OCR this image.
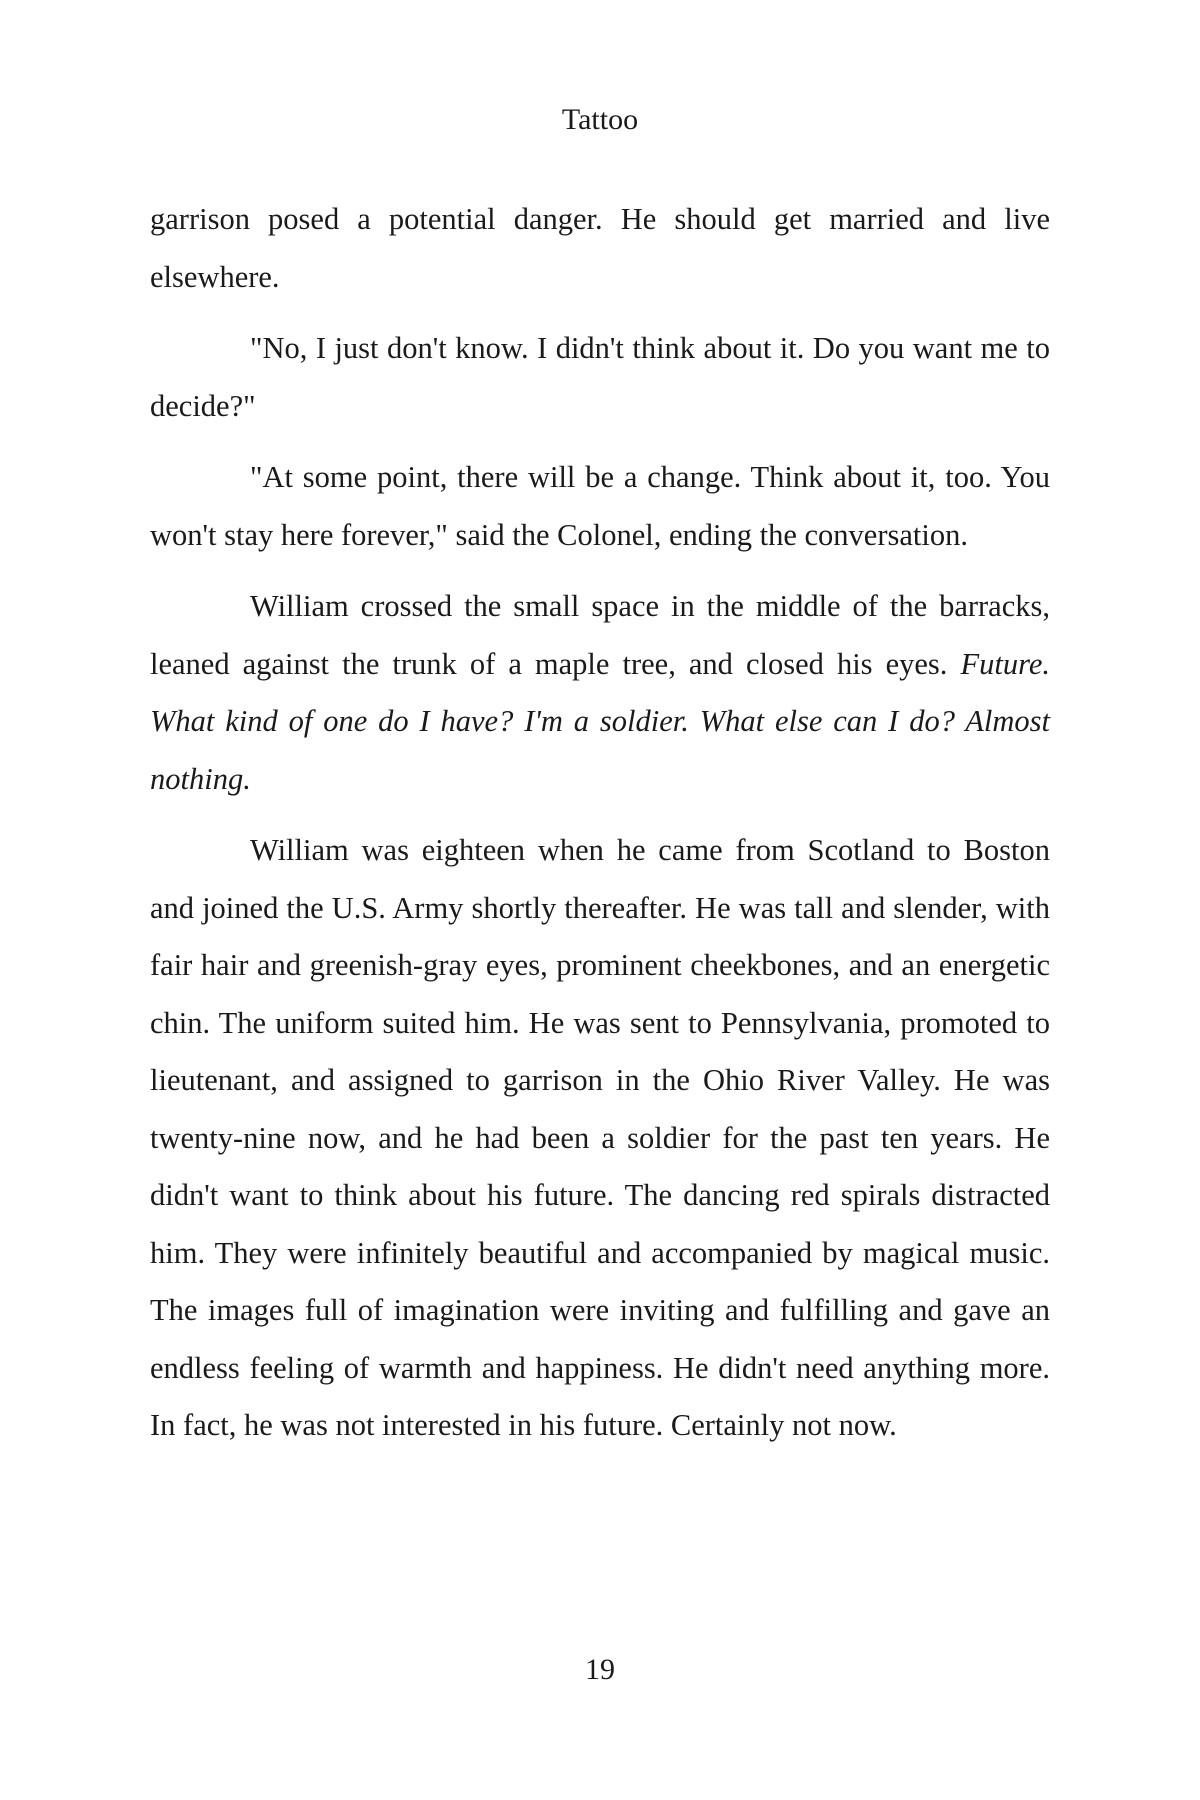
Tattoo

garrison posed a potential danger. He should get married and live elsewhere.

"No, I just don't know. I didn't think about it. Do you want me to decide?"

"At some point, there will be a change. Think about it, too. You won't stay here forever," said the Colonel, ending the conversation.

William crossed the small space in the middle of the barracks, leaned against the trunk of a maple tree, and closed his eyes. Future. What kind of one do I have? I'm a soldier. What else can I do? Almost nothing.

William was eighteen when he came from Scotland to Boston and joined the U.S. Army shortly thereafter. He was tall and slender, with fair hair and greenish-gray eyes, prominent cheekbones, and an energetic chin. The uniform suited him. He was sent to Pennsylvania, promoted to lieutenant, and assigned to garrison in the Ohio River Valley. He was twenty-nine now, and he had been a soldier for the past ten years. He didn't want to think about his future. The dancing red spirals distracted him. They were infinitely beautiful and accompanied by magical music. The images full of imagination were inviting and fulfilling and gave an endless feeling of warmth and happiness. He didn't need anything more. In fact, he was not interested in his future. Certainly not now.

19
